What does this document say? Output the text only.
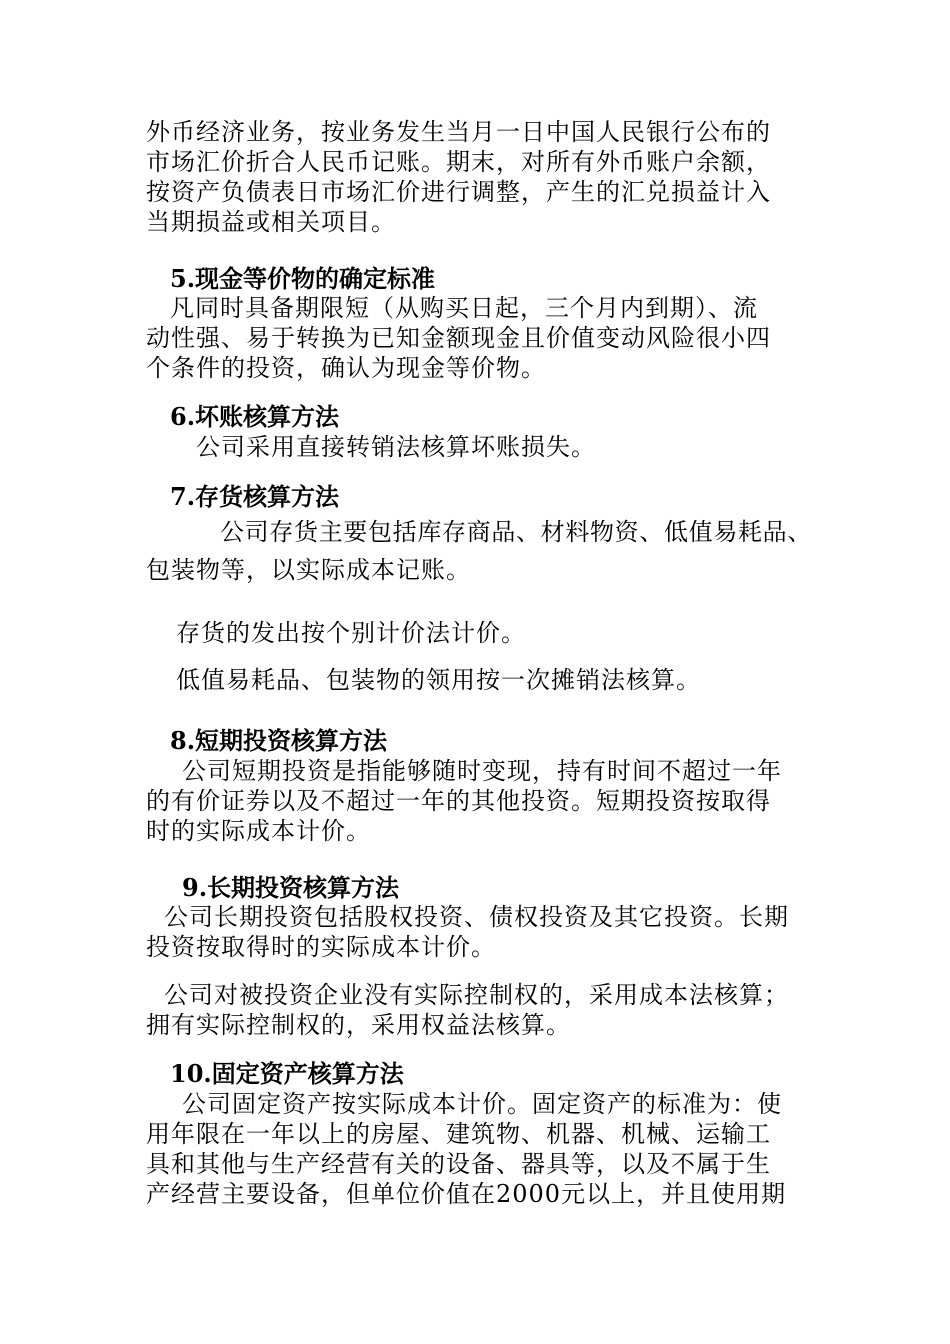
外币经济业务，按业务发生当月一日中国人民银行公布的
市场汇价折合人民币记账。期末，对所有外币账户余额，
按资产负债表日市场汇价进行调整，产生的汇兑损益计入
当期损益或相关项目。
5.现金等价物的确定标准
凡同时具备期限短（从购买日起，三个月内到期）、流
动性强、易于转换为已知金额现金且价值变动风险很小四
个条件的投资，确认为现金等价物。
6.坏账核算方法
公司采用直接转销法核算坏账损失。
7.存货核算方法
公司存货主要包括库存商品、材料物资、低值易耗品、
包装物等，以实际成本记账。
存货的发出按个别计价法计价。
低值易耗品、包装物的领用按一次摊销法核算。
8.短期投资核算方法
公司短期投资是指能够随时变现，持有时间不超过一年
的有价证券以及不超过一年的其他投资。短期投资按取得
时的实际成本计价。
9.长期投资核算方法
公司长期投资包括股权投资、债权投资及其它投资。长期
投资按取得时的实际成本计价。
公司对被投资企业没有实际控制权的，采用成本法核算；
拥有实际控制权的，采用权益法核算。
10.固定资产核算方法
公司固定资产按实际成本计价。固定资产的标准为：使
用年限在一年以上的房屋、建筑物、机器、机械、运输工
具和其他与生产经营有关的设备、器具等，以及不属于生
产经营主要设备，但单位价值在2000元以上，并且使用期
